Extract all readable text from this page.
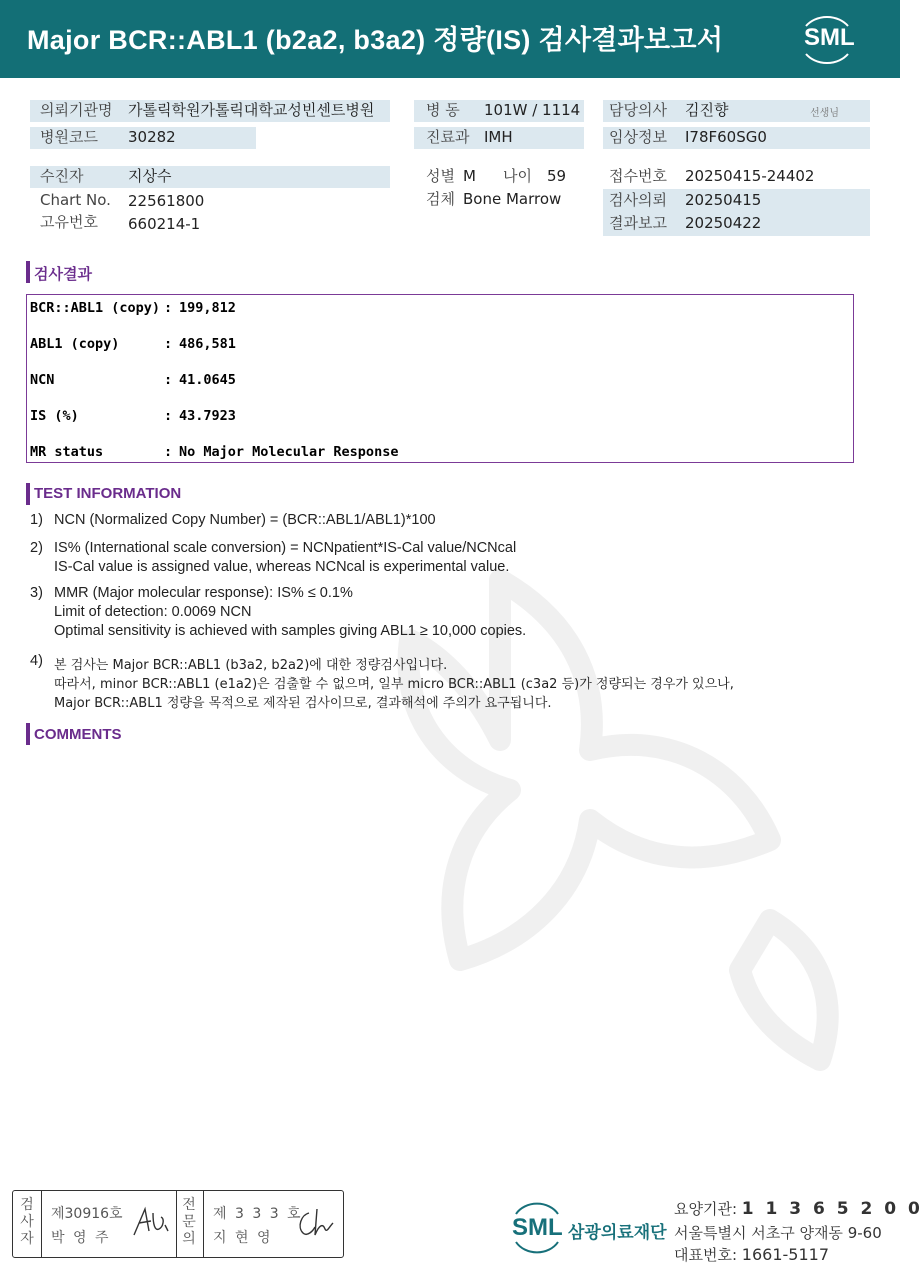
Major BCR::ABL1 (b2a2, b3a2) 정량(IS) 검사결과보고서	SML
의뢰기관명 가톨릭학원가톨릭대학교성빈센트병원
병원코드 30282
병 동 101W / 1114
진료과 IMH
담당의사 김진향	선생님
임상정보 I78F60SG0
수진자	지상수
Chart No. 22561800
고유번호 660214-1
성별 M 나이 59
검체 Bone Marrow
접수번호 20250415-24402
검사의뢰 20250415
결과보고 20250422
검사결과
BCR::ABL1 (copy) : 199,812
ABL1 (copy)	: 486,581
NCN	: 41.0645
IS (%)	: 43.7923
MR status	: No Major Molecular Response
TEST INFORMATION
1) NCN (Normalized Copy Number) = (BCR::ABL1/ABL1)*100
2) IS% (International scale conversion) = NCNpatient*IS-Cal value/NCNcal
IS-Cal value is assigned value, whereas NCNcal is experimental value.
3) MMR (Major molecular response): IS% ≤ 0.1%
Limit of detection: 0.0069 NCN
Optimal sensitivity is achieved with samples giving ABL1 ≥ 10,000 copies.
4) 본 검사는 Major BCR::ABL1 (b3a2, b2a2)에 대한 정량검사입니다.
따라서, minor BCR::ABL1 (e1a2)은 검출할 수 없으며, 일부 micro BCR::ABL1 (c3a2 등)가 정량되는 경우가 있으나,
Major BCR::ABL1 정량을 목적으로 제작된 검사이므로, 결과해석에 주의가 요구됩니다.
COMMENTS
검
사
자
제30916호
박 영 주
전
문
의
제 3 3 3 호
지 현 영	SML 삼광의료재단
요양기관: 1 1 3 6 5 2 0 0
서울특별시 서초구 양재동 9-60
대표번호: 1661-5117
